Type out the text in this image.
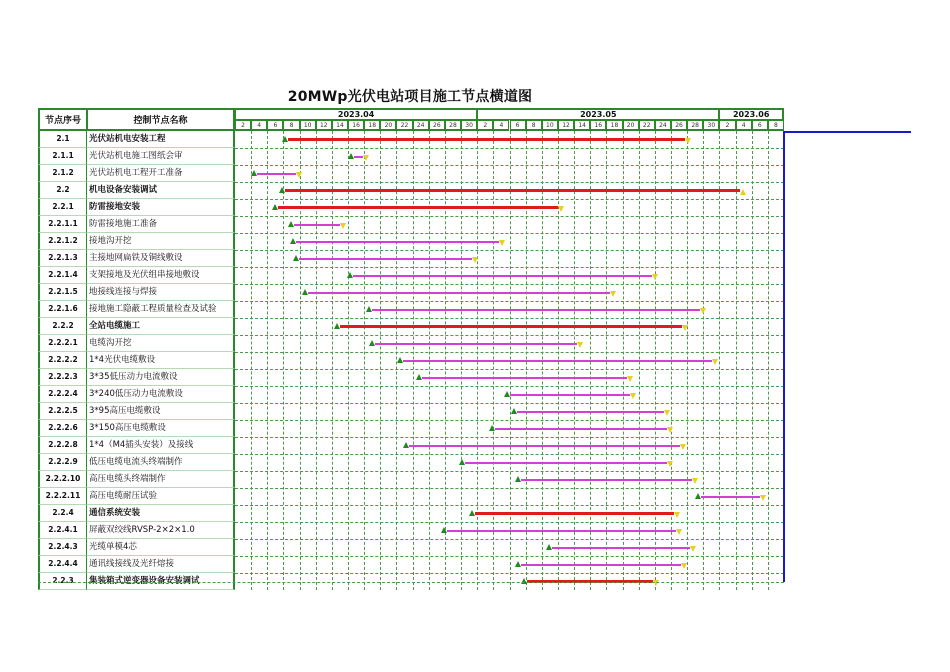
20MWp光伏电站项目施工节点横道图
节点序号	控制节点名称
2023.04
2	4	6	8	10	12	14	16	18	20	22	24	26	28	30
2023.05
2	4	6	8	10	12	14	16	18	20	22	24	26	28	30
2023.06
2	4	6	8
2.1	光伏站机电安装工程
2.1.1	光伏站机电施工图纸会审
2.1.2	光伏站机电工程开工准备
2.2	机电设备安装调试
2.2.1	防雷接地安装
2.2.1.1	防雷接地施工准备
2.2.1.2	接地沟开挖
2.2.1.3	主接地网扁铁及铜线敷设
2.2.1.4	支架接地及光伏组串接地敷设
2.2.1.5	地接线连接与焊接
2.2.1.6	接地施工隐蔽工程质量检查及试验
2.2.2	全站电缆施工
2.2.2.1	电缆沟开挖
2.2.2.2	1*4光伏电缆敷设
2.2.2.3	3*35低压动力电流敷设
2.2.2.4	3*240低压动力电流敷设
2.2.2.5	3*95高压电缆敷设
2.2.2.6	3*150高压电缆敷设
2.2.2.8	1*4（M4插头安装）及接线
2.2.2.9	低压电缆电流头终端制作
2.2.2.10	高压电缆头终端制作
2.2.2.11	高压电缆耐压试验
2.2.4	通信系统安装
2.2.4.1	屏蔽双绞线RVSP-2×2×1.0
2.2.4.3	光缆单模4芯
2.2.4.4	通讯线接线及光纤熔接
2.2.3	集装箱式逆变器设备安装调试
